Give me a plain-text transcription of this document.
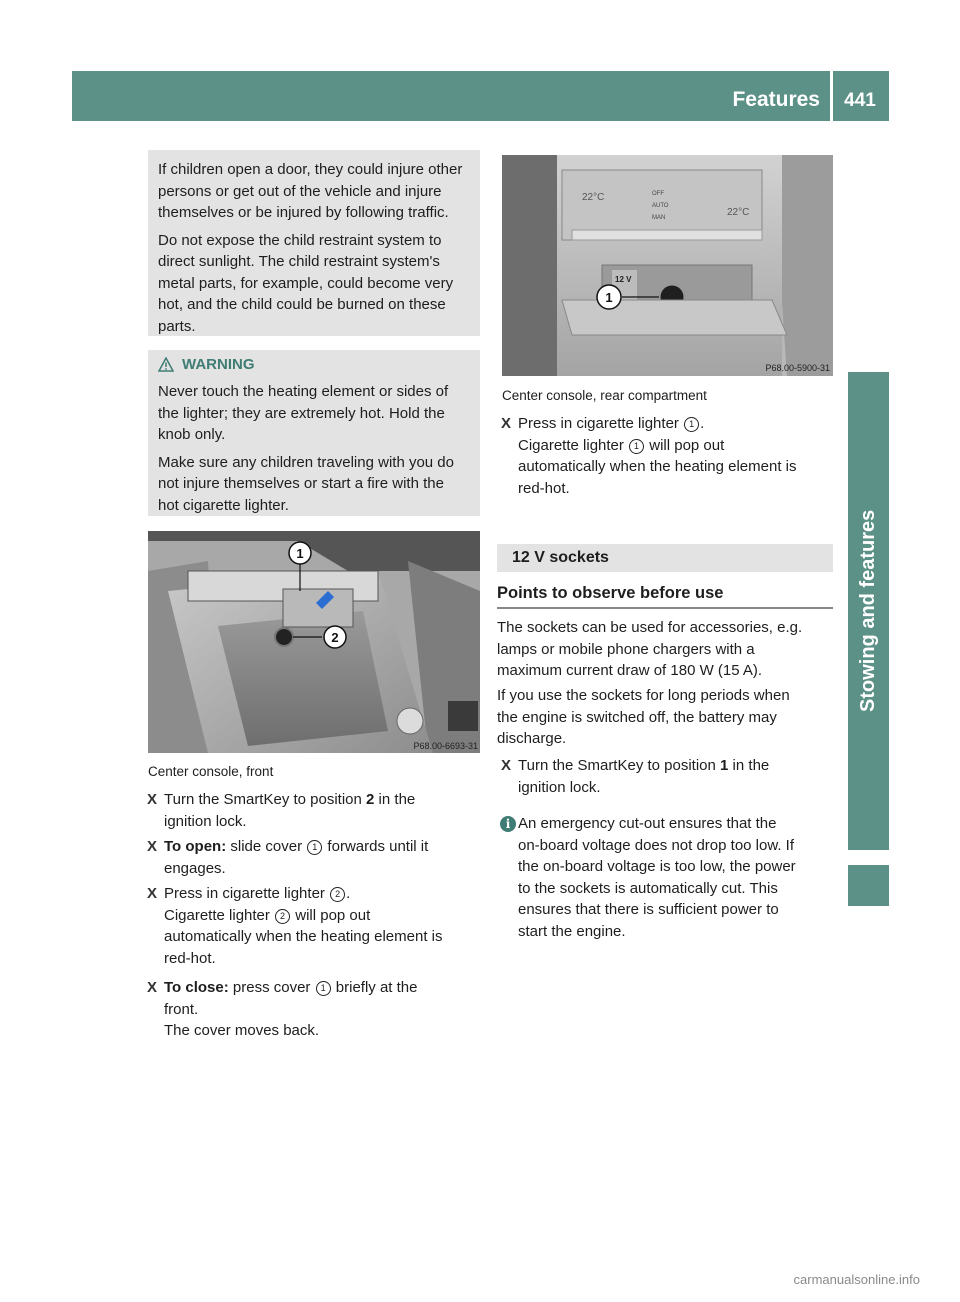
Features	441
Stowing and features
If children open a door, they could injure other
persons or get out of the vehicle and injure
themselves or be injured by following traffic.
Do not expose the child restraint system to
direct sunlight. The child restraint system's
metal parts, for example, could become very
hot, and the child could be burned on these
parts.
WARNING
Never touch the heating element or sides of
the lighter; they are extremely hot. Hold the
knob only.
Make sure any children traveling with you do
not injure themselves or start a fire with the
hot cigarette lighter.
1
2
P68.00-6693-31
Center console, front
X Turn the SmartKey to position 2 in the
ignition lock.
X To open: slide cover 1 forwards until it
engages.
X Press in cigarette lighter 2 .
Cigarette lighter 2 will pop out
automatically when the heating element is
red-hot.
X To close: press cover 1 briefly at the
front.
The cover moves back.
22°C
22°C
OFF
AUTO
MAN
12 V
1
P68.00-5900-31
Center console, rear compartment
X Press in cigarette lighter 1 .
Cigarette lighter 1 will pop out
automatically when the heating element is
red-hot.
12 V sockets
Points to observe before use
The sockets can be used for accessories, e.g.
lamps or mobile phone chargers with a
maximum current draw of 180 W (15 A).
If you use the sockets for long periods when
the engine is switched off, the battery may
discharge.
X Turn the SmartKey to position 1 in the
ignition lock.
i An emergency cut-out ensures that the
on-board voltage does not drop too low. If
the on-board voltage is too low, the power
to the sockets is automatically cut. This
ensures that there is sufficient power to
start the engine.
carmanualsonline.info
